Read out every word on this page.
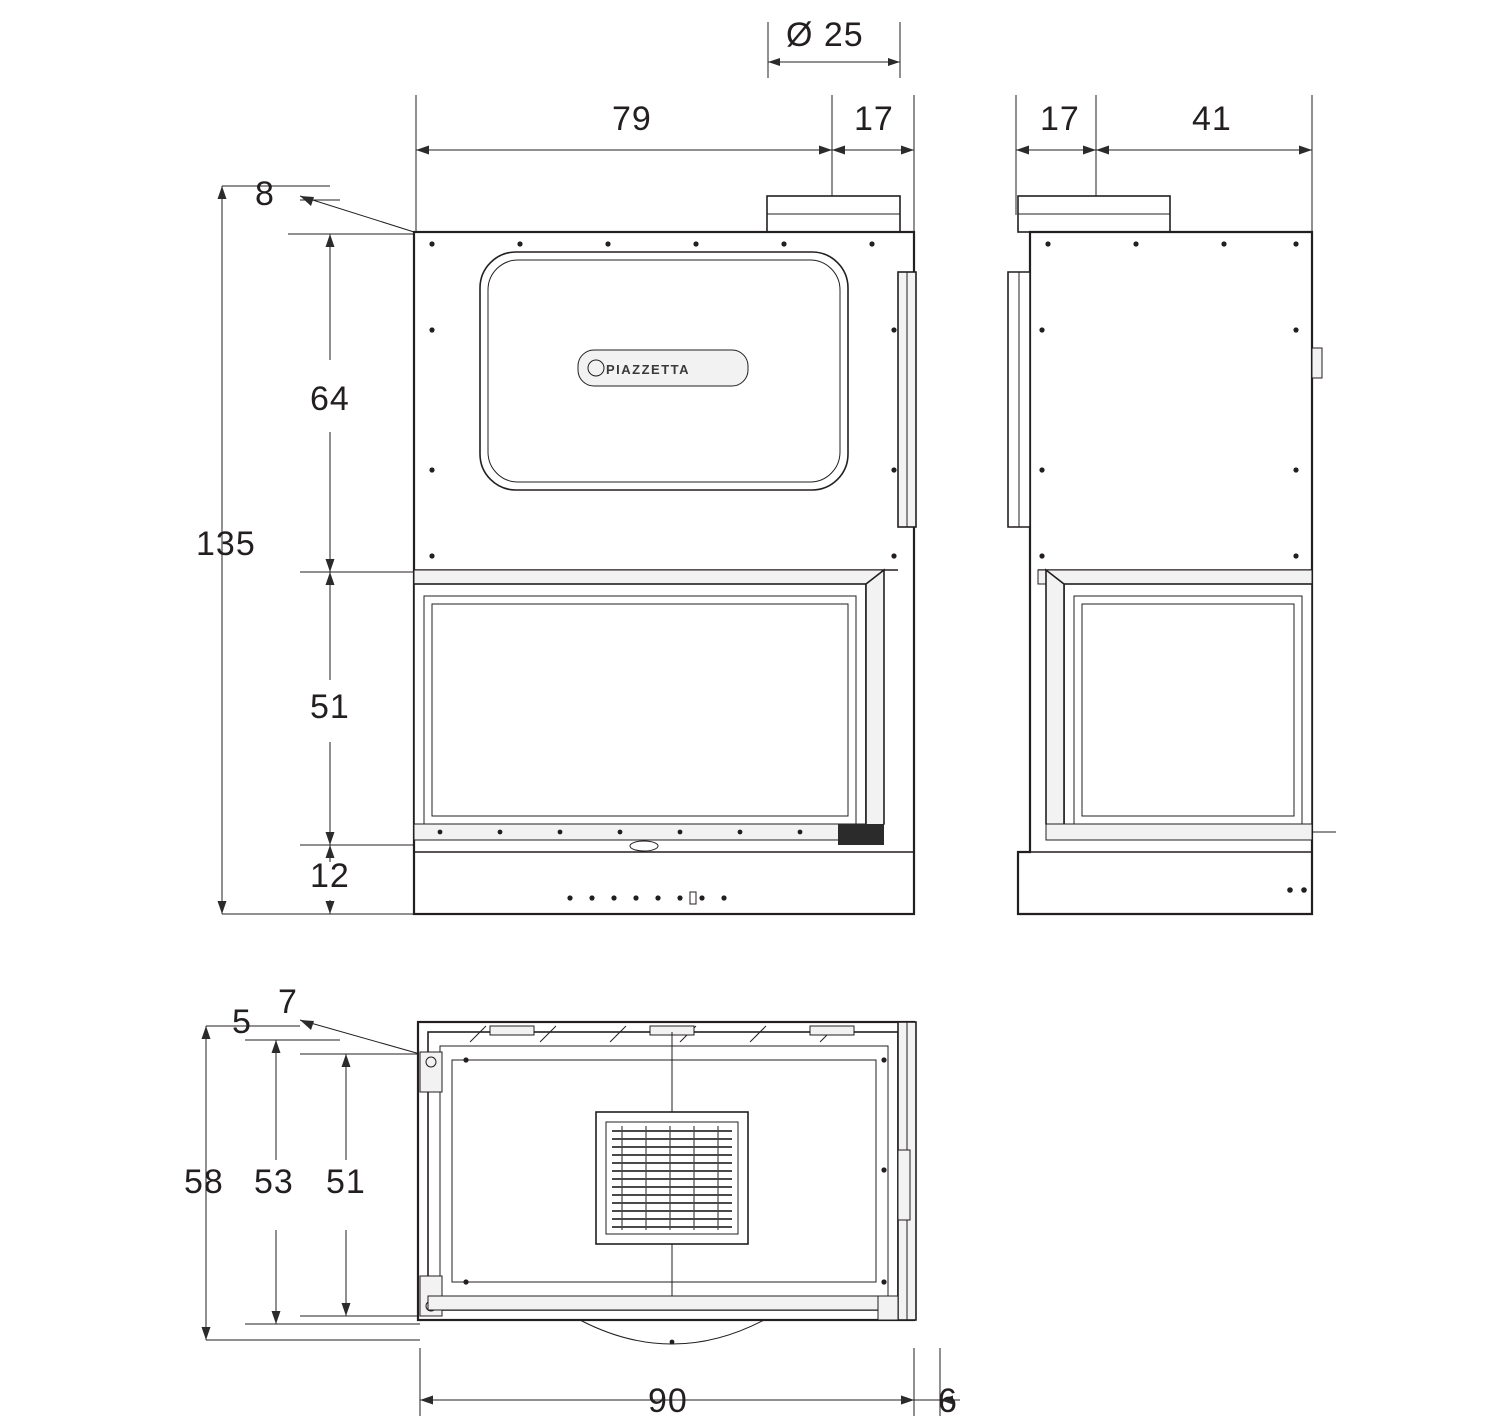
Ø 25
79	17	17	41
8
64
135
51
12
5
7
58 53 51
90	6
PIAZZETTA
